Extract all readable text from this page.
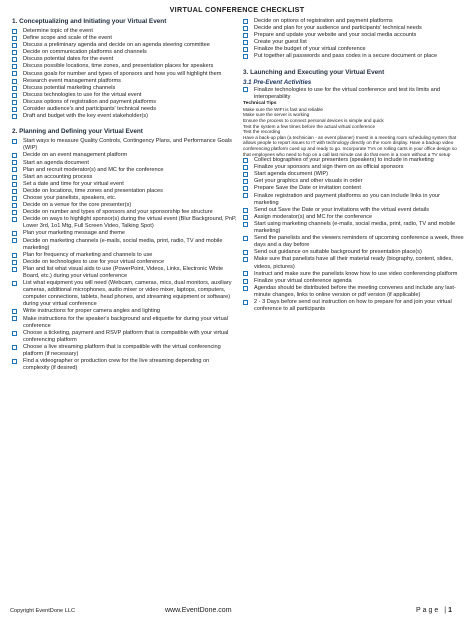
VIRTUAL CONFERENCE CHECKLIST
1. Conceptualizing and Initiating your Virtual Event
Determine topic of the event
Define scope and scale of the event
Discuss a preliminary agenda and decide on an agenda steering committee
Decide on communication platforms and channels
Discuss potential dates for the event
Discuss possible locations, time zones, and presentation places for speakers
Discuss goals for number and types of sponsors and how you will highlight them
Research event management platforms
Discuss potential marketing channels
Discuss technologies to use for the virtual event
Discuss options of registration and payment platforms
Consider audience's and participants' technical needs
Draft and budget with the key event stakeholder(s)
2. Planning and Defining your Virtual Event
Start ways to measure Quality Controls, Contingency Plans, and Performance Goals (WIP)
Decide on an event management platform
Start an agenda document
Plan and recruit moderator(s) and MC for the conference
Start an accounting process
Set a date and time for your virtual event
Decide on locations, time zones and presentation places
Choose your panelists, speakers, etc.
Decide on a venue for the core presenter(s)
Decide on number and types of sponsors and your sponsorship fee structure
Decide on ways to highlight sponsor(s) during the virtual event (Blur Background, PnP, Lower 3rd, 1o1 Mtg, Full Screen Video, Talking Spot)
Plan your marketing message and theme
Decide on marketing channels (e-mails, social media, print, radio, TV and mobile marketing)
Plan for frequency of marketing and channels to use
Decide on technologies to use for your virtual conference
Plan and list what visual aids to use (PowerPoint, Videos, Links, Electronic White Board, etc.) during your virtual conference
List what equipment you will need (Webcam, cameras, mics, dual monitors, auxiliary cameras, additional microphones, audio mixer or video mixer, laptops, computers, computer connections, tablets, head phones, and streaming equipment or software) during your virtual conference
Write instructions for proper camera angles and lighting
Make instructions for the speaker's background and etiquette for during your virtual conference
Choose a ticketing, payment and RSVP platform that is compatible with your virtual conferencing platform
Choose a live streaming platform that is compatible with the virtual conferencing platform (if necessary)
Find a videographer or production crew for the live streaming depending on complexity (if desired)
Decide on options of registration and payment platforms
Decide and plan for your audience and participants' technical needs
Prepare and update your website and your social media accounts
Create your guest list
Finalize the budget of your virtual conference
Put together all passwords and pass codes in a secure document or place
3. Launching and Executing your Virtual Event
3.1 Pre-Event Activities
Finalize technologies to use for the virtual conference and test its limits and interoperability
Technical Tips
Make sure the WIFI is fast and reliable
Make sure the server is working
Ensure the process to connect personal devices is simple and quick
Test the system a few times before the actual virtual conference
Test the recording
Have a back-up plan (a technician - an event planner) Invest in a meeting room scheduling system that allows people to report issues to IT with technology directly on the room display. Have a backup video conferencing platform cued up and ready to go. Incorporate TVs on rolling carts in your office design so that employees who need to hop on a call last minute can do that even in a room without a TV setup
Collect biographies of your presenters (speakers) to include in marketing
Finalize your sponsors and sign them on as official sponsors
Start agenda document (WIP)
Get your graphics and other visuals in order
Prepare Save the Date or invitation content
Finalize registration and payment platforms so you can include links in your marketing
Send out Save the Date or your invitations with the virtual event details
Assign moderator(s) and MC for the conference
Start using marketing channels (e-mails, social media, print, radio, TV and mobile marketing)
Send the panelists and the viewers reminders of upcoming conference a week, three days and a day before
Send out guidance on suitable background for presentation place(s)
Make sure that panelists have all their material ready (biography, content, slides, videos, pictures)
Instruct and make sure the panelists know how to use video conferencing platform
Finalize your virtual conference agenda
Agendas should be distributed before the meeting convenes and include any last-minute changes, links to online version or pdf version (if applicable)
2 - 3 Days before send out instruction on how to prepare for and join your virtual conference to all participants
Copyright EventDone LLC	www.EventDone.com	Page |1
